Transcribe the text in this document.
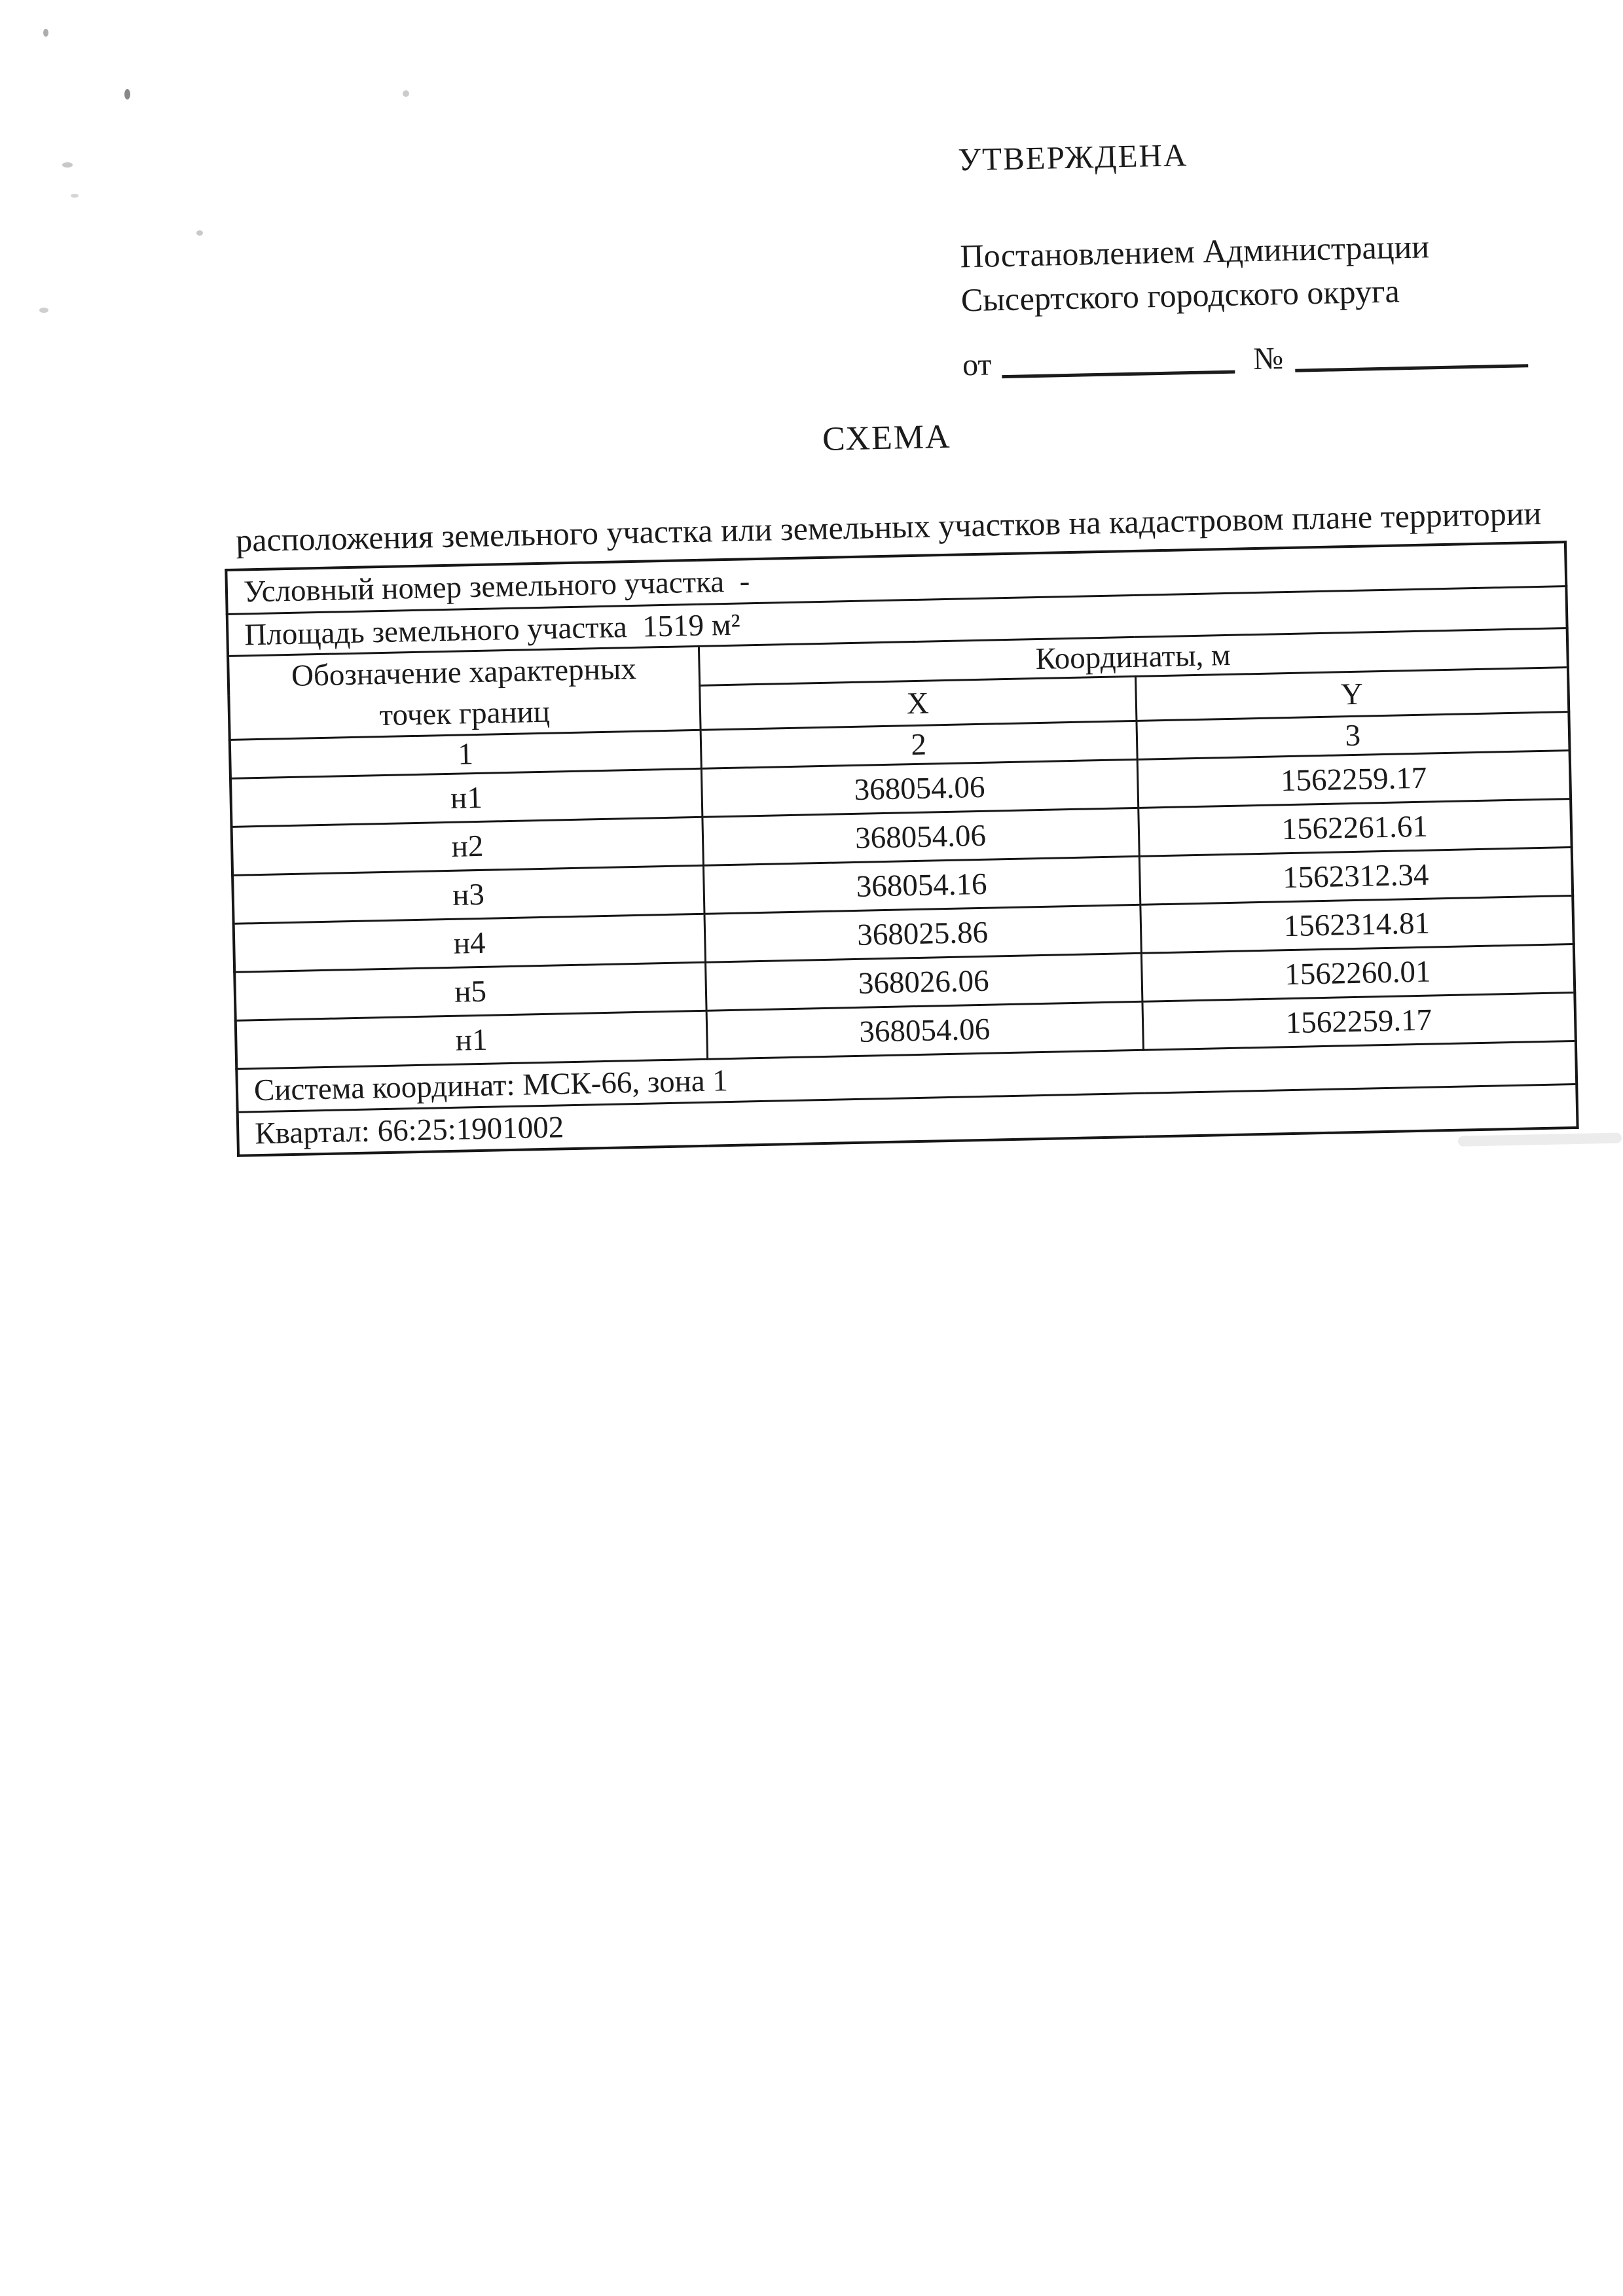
УТВЕРЖДЕНА
Постановлением Администрации
Сысертского городского округа
от	№
СХЕМА
расположения земельного участка или земельных участков на кадастровом плане территории
Условный номер земельного участка  -		
Площадь земельного участка  1519 м²		
Обозначение характерных точек границ	Координаты, м	
	X	Y
1	2	3
н1	368054.06	1562259.17
н2	368054.06	1562261.61
н3	368054.16	1562312.34
н4	368025.86	1562314.81
н5	368026.06	1562260.01
н1	368054.06	1562259.17
Система координат: МСК-66, зона 1		
Квартал: 66:25:1901002		
